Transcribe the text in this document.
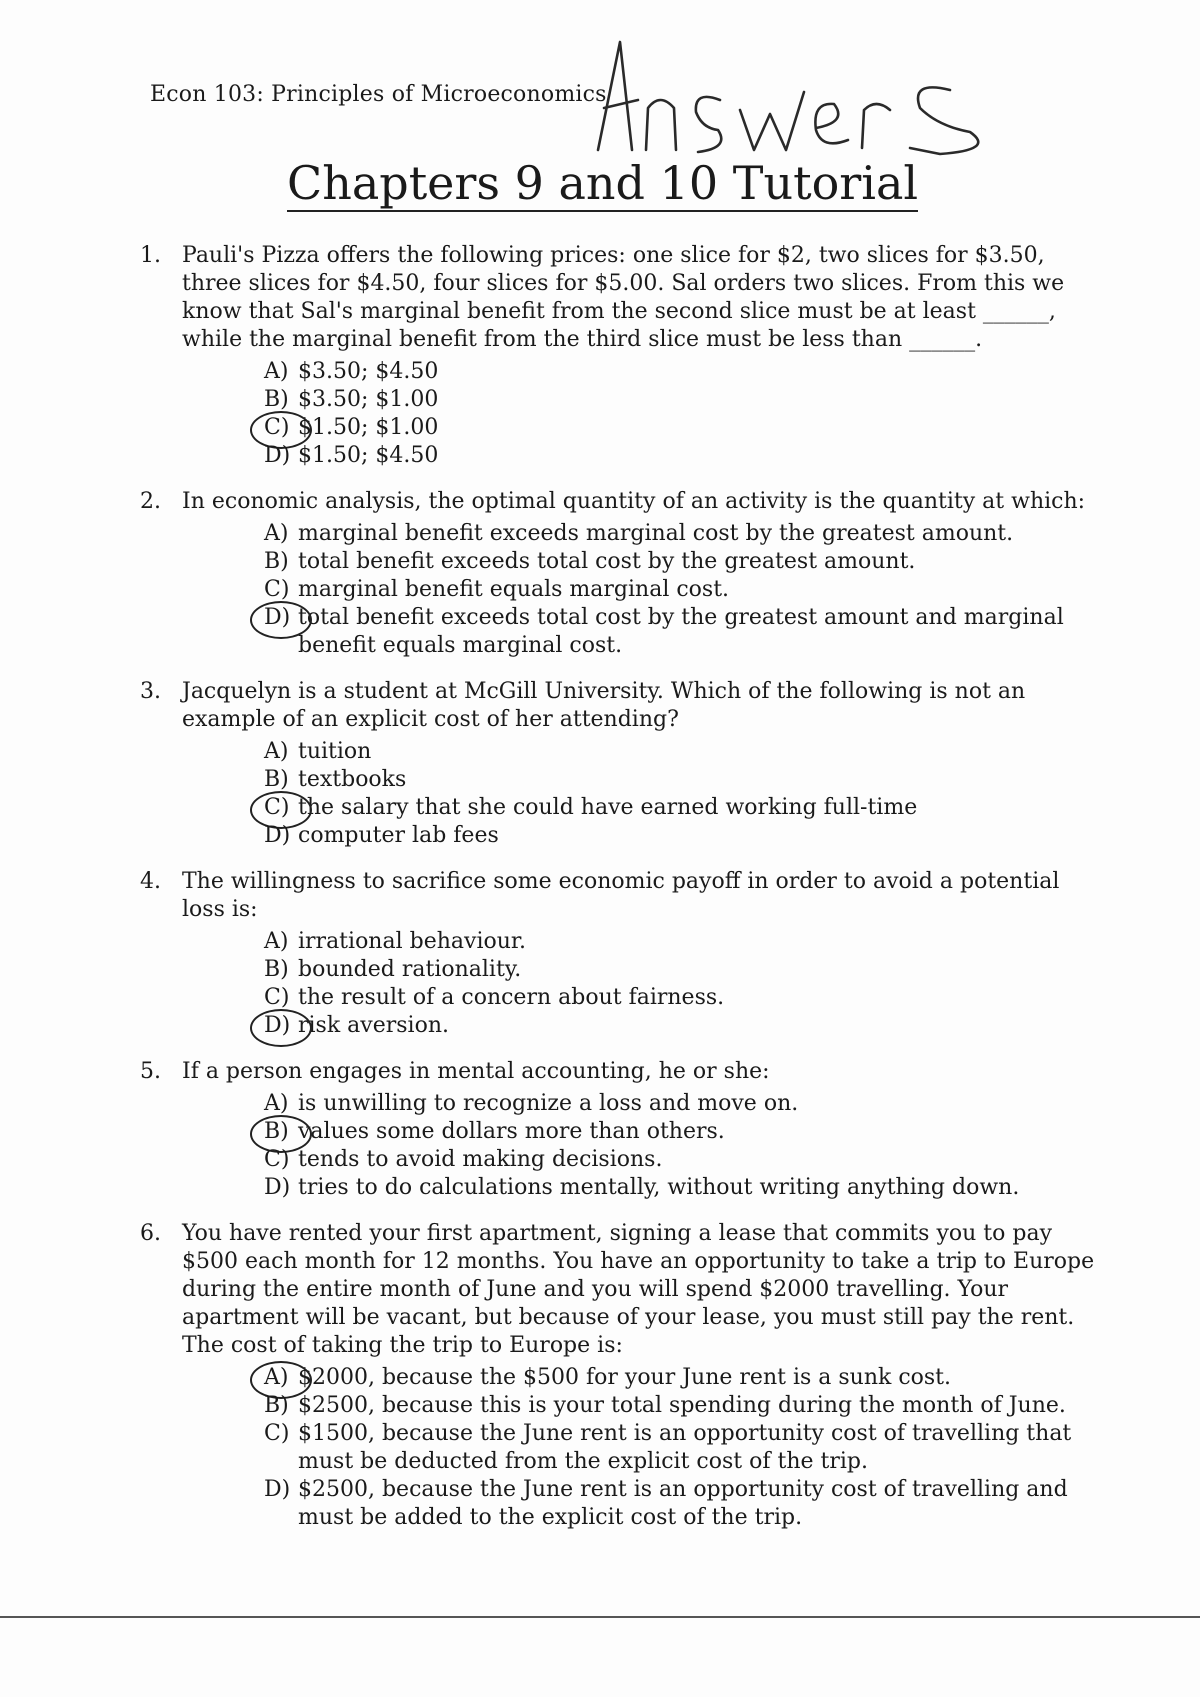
Econ 103: Principles of Microeconomics
Chapters 9 and 10 Tutorial
1. Pauli's Pizza offers the following prices: one slice for $2, two slices for $3.50, three slices for $4.50, four slices for $5.00. Sal orders two slices. From this we know that Sal's marginal benefit from the second slice must be at least ______, while the marginal benefit from the third slice must be less than ______.
A) $3.50; $4.50
B) $3.50; $1.00
C) $1.50; $1.00
D) $1.50; $4.50
2. In economic analysis, the optimal quantity of an activity is the quantity at which:
A) marginal benefit exceeds marginal cost by the greatest amount.
B) total benefit exceeds total cost by the greatest amount.
C) marginal benefit equals marginal cost.
D) total benefit exceeds total cost by the greatest amount and marginal benefit equals marginal cost.
3. Jacquelyn is a student at McGill University. Which of the following is not an example of an explicit cost of her attending?
A) tuition
B) textbooks
C) the salary that she could have earned working full-time
D) computer lab fees
4. The willingness to sacrifice some economic payoff in order to avoid a potential loss is:
A) irrational behaviour.
B) bounded rationality.
C) the result of a concern about fairness.
D) risk aversion.
5. If a person engages in mental accounting, he or she:
A) is unwilling to recognize a loss and move on.
B) values some dollars more than others.
C) tends to avoid making decisions.
D) tries to do calculations mentally, without writing anything down.
6. You have rented your first apartment, signing a lease that commits you to pay $500 each month for 12 months. You have an opportunity to take a trip to Europe during the entire month of June and you will spend $2000 travelling. Your apartment will be vacant, but because of your lease, you must still pay the rent. The cost of taking the trip to Europe is:
A) $2000, because the $500 for your June rent is a sunk cost.
B) $2500, because this is your total spending during the month of June.
C) $1500, because the June rent is an opportunity cost of travelling that must be deducted from the explicit cost of the trip.
D) $2500, because the June rent is an opportunity cost of travelling and must be added to the explicit cost of the trip.
